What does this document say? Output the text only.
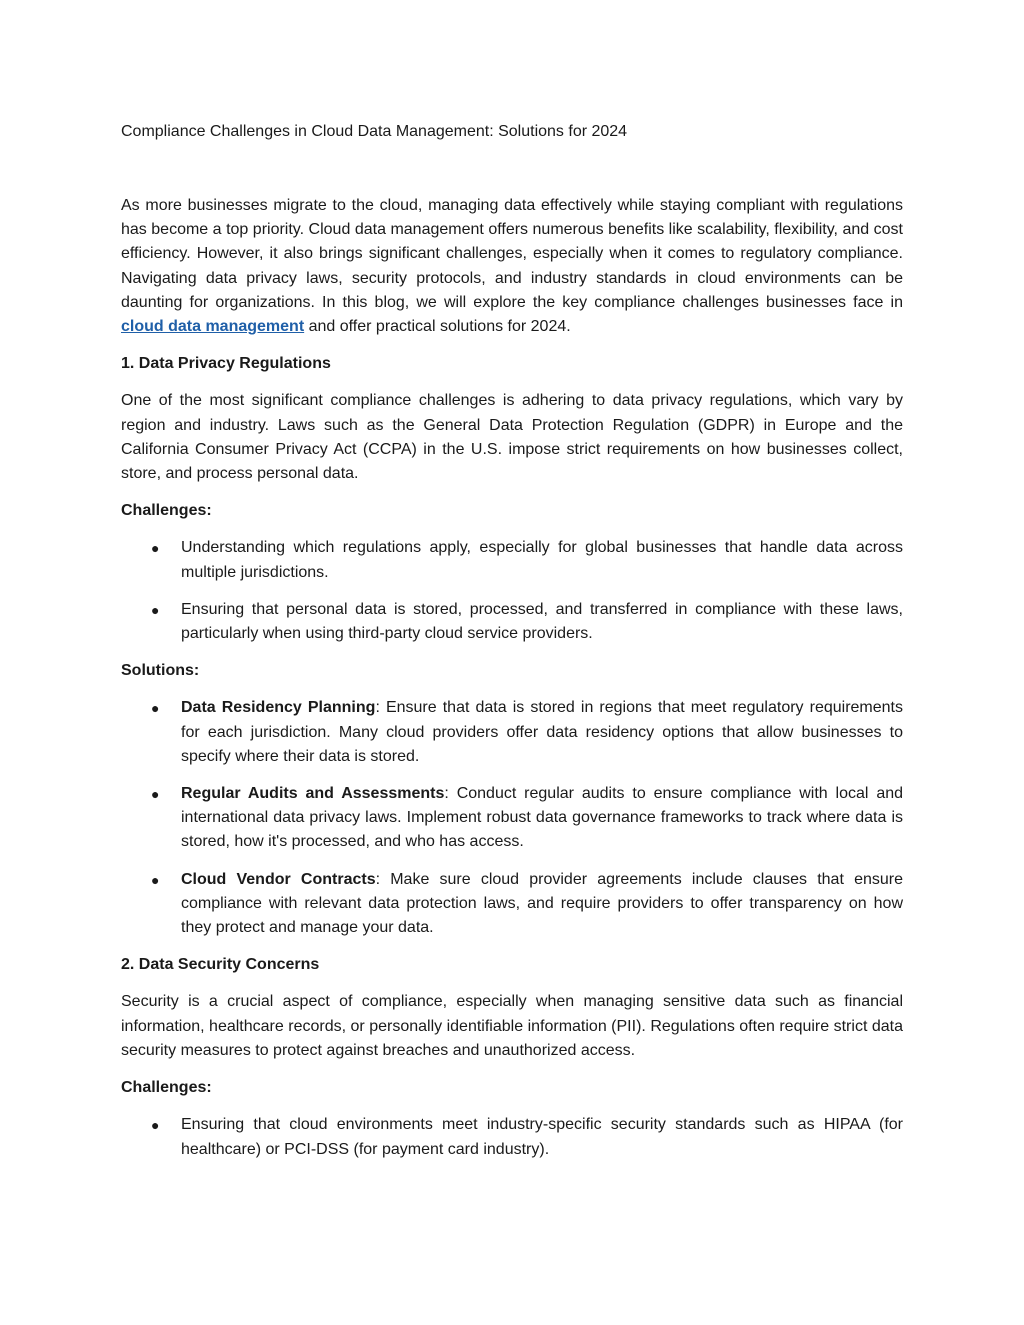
Compliance Challenges in Cloud Data Management: Solutions for 2024

As more businesses migrate to the cloud, managing data effectively while staying compliant with regulations has become a top priority. Cloud data management offers numerous benefits like scalability, flexibility, and cost efficiency. However, it also brings significant challenges, especially when it comes to regulatory compliance. Navigating data privacy laws, security protocols, and industry standards in cloud environments can be daunting for organizations. In this blog, we will explore the key compliance challenges businesses face in cloud data management and offer practical solutions for 2024.

1. Data Privacy Regulations

One of the most significant compliance challenges is adhering to data privacy regulations, which vary by region and industry. Laws such as the General Data Protection Regulation (GDPR) in Europe and the California Consumer Privacy Act (CCPA) in the U.S. impose strict requirements on how businesses collect, store, and process personal data.

Challenges:
● Understanding which regulations apply, especially for global businesses that handle data across multiple jurisdictions.
● Ensuring that personal data is stored, processed, and transferred in compliance with these laws, particularly when using third-party cloud service providers.
Solutions:
● Data Residency Planning: Ensure that data is stored in regions that meet regulatory requirements for each jurisdiction. Many cloud providers offer data residency options that allow businesses to specify where their data is stored.
● Regular Audits and Assessments: Conduct regular audits to ensure compliance with local and international data privacy laws. Implement robust data governance frameworks to track where data is stored, how it's processed, and who has access.
● Cloud Vendor Contracts: Make sure cloud provider agreements include clauses that ensure compliance with relevant data protection laws, and require providers to offer transparency on how they protect and manage your data.
2. Data Security Concerns

Security is a crucial aspect of compliance, especially when managing sensitive data such as financial information, healthcare records, or personally identifiable information (PII). Regulations often require strict data security measures to protect against breaches and unauthorized access.

Challenges:
● Ensuring that cloud environments meet industry-specific security standards such as HIPAA (for healthcare) or PCI-DSS (for payment card industry).
